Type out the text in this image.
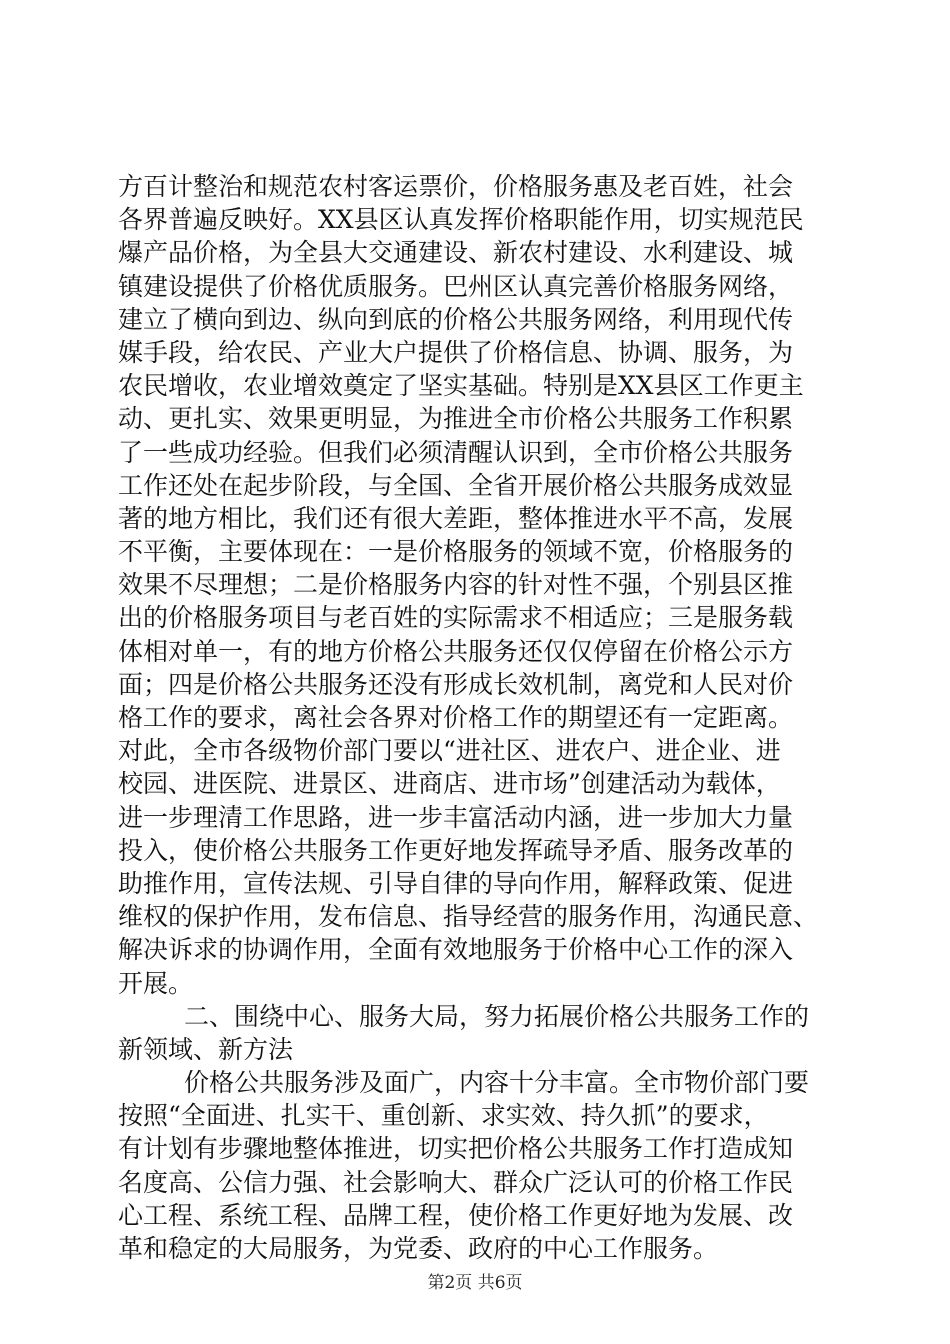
方百计整治和规范农村客运票价，价格服务惠及老百姓，社会
各界普遍反映好。XX县区认真发挥价格职能作用，切实规范民
爆产品价格，为全县大交通建设、新农村建设、水利建设、城
镇建设提供了价格优质服务。巴州区认真完善价格服务网络，
建立了横向到边、纵向到底的价格公共服务网络，利用现代传
媒手段，给农民、产业大户提供了价格信息、协调、服务，为
农民增收，农业增效奠定了坚实基础。特别是XX县区工作更主
动、更扎实、效果更明显，为推进全市价格公共服务工作积累
了一些成功经验。但我们必须清醒认识到，全市价格公共服务
工作还处在起步阶段，与全国、全省开展价格公共服务成效显
著的地方相比，我们还有很大差距，整体推进水平不高，发展
不平衡，主要体现在：一是价格服务的领域不宽，价格服务的
效果不尽理想；二是价格服务内容的针对性不强，个别县区推
出的价格服务项目与老百姓的实际需求不相适应；三是服务载
体相对单一，有的地方价格公共服务还仅仅停留在价格公示方
面；四是价格公共服务还没有形成长效机制，离党和人民对价
格工作的要求，离社会各界对价格工作的期望还有一定距离。
对此，全市各级物价部门要以“进社区、进农户、进企业、进
校园、进医院、进景区、进商店、进市场”创建活动为载体，
进一步理清工作思路，进一步丰富活动内涵，进一步加大力量
投入，使价格公共服务工作更好地发挥疏导矛盾、服务改革的
助推作用，宣传法规、引导自律的导向作用，解释政策、促进
维权的保护作用，发布信息、指导经营的服务作用，沟通民意、
解决诉求的协调作用，全面有效地服务于价格中心工作的深入
开展。
二、围绕中心、服务大局，努力拓展价格公共服务工作的
新领域、新方法
价格公共服务涉及面广，内容十分丰富。全市物价部门要
按照“全面进、扎实干、重创新、求实效、持久抓”的要求，
有计划有步骤地整体推进，切实把价格公共服务工作打造成知
名度高、公信力强、社会影响大、群众广泛认可的价格工作民
心工程、系统工程、品牌工程，使价格工作更好地为发展、改
革和稳定的大局服务，为党委、政府的中心工作服务。
第2页 共6页
